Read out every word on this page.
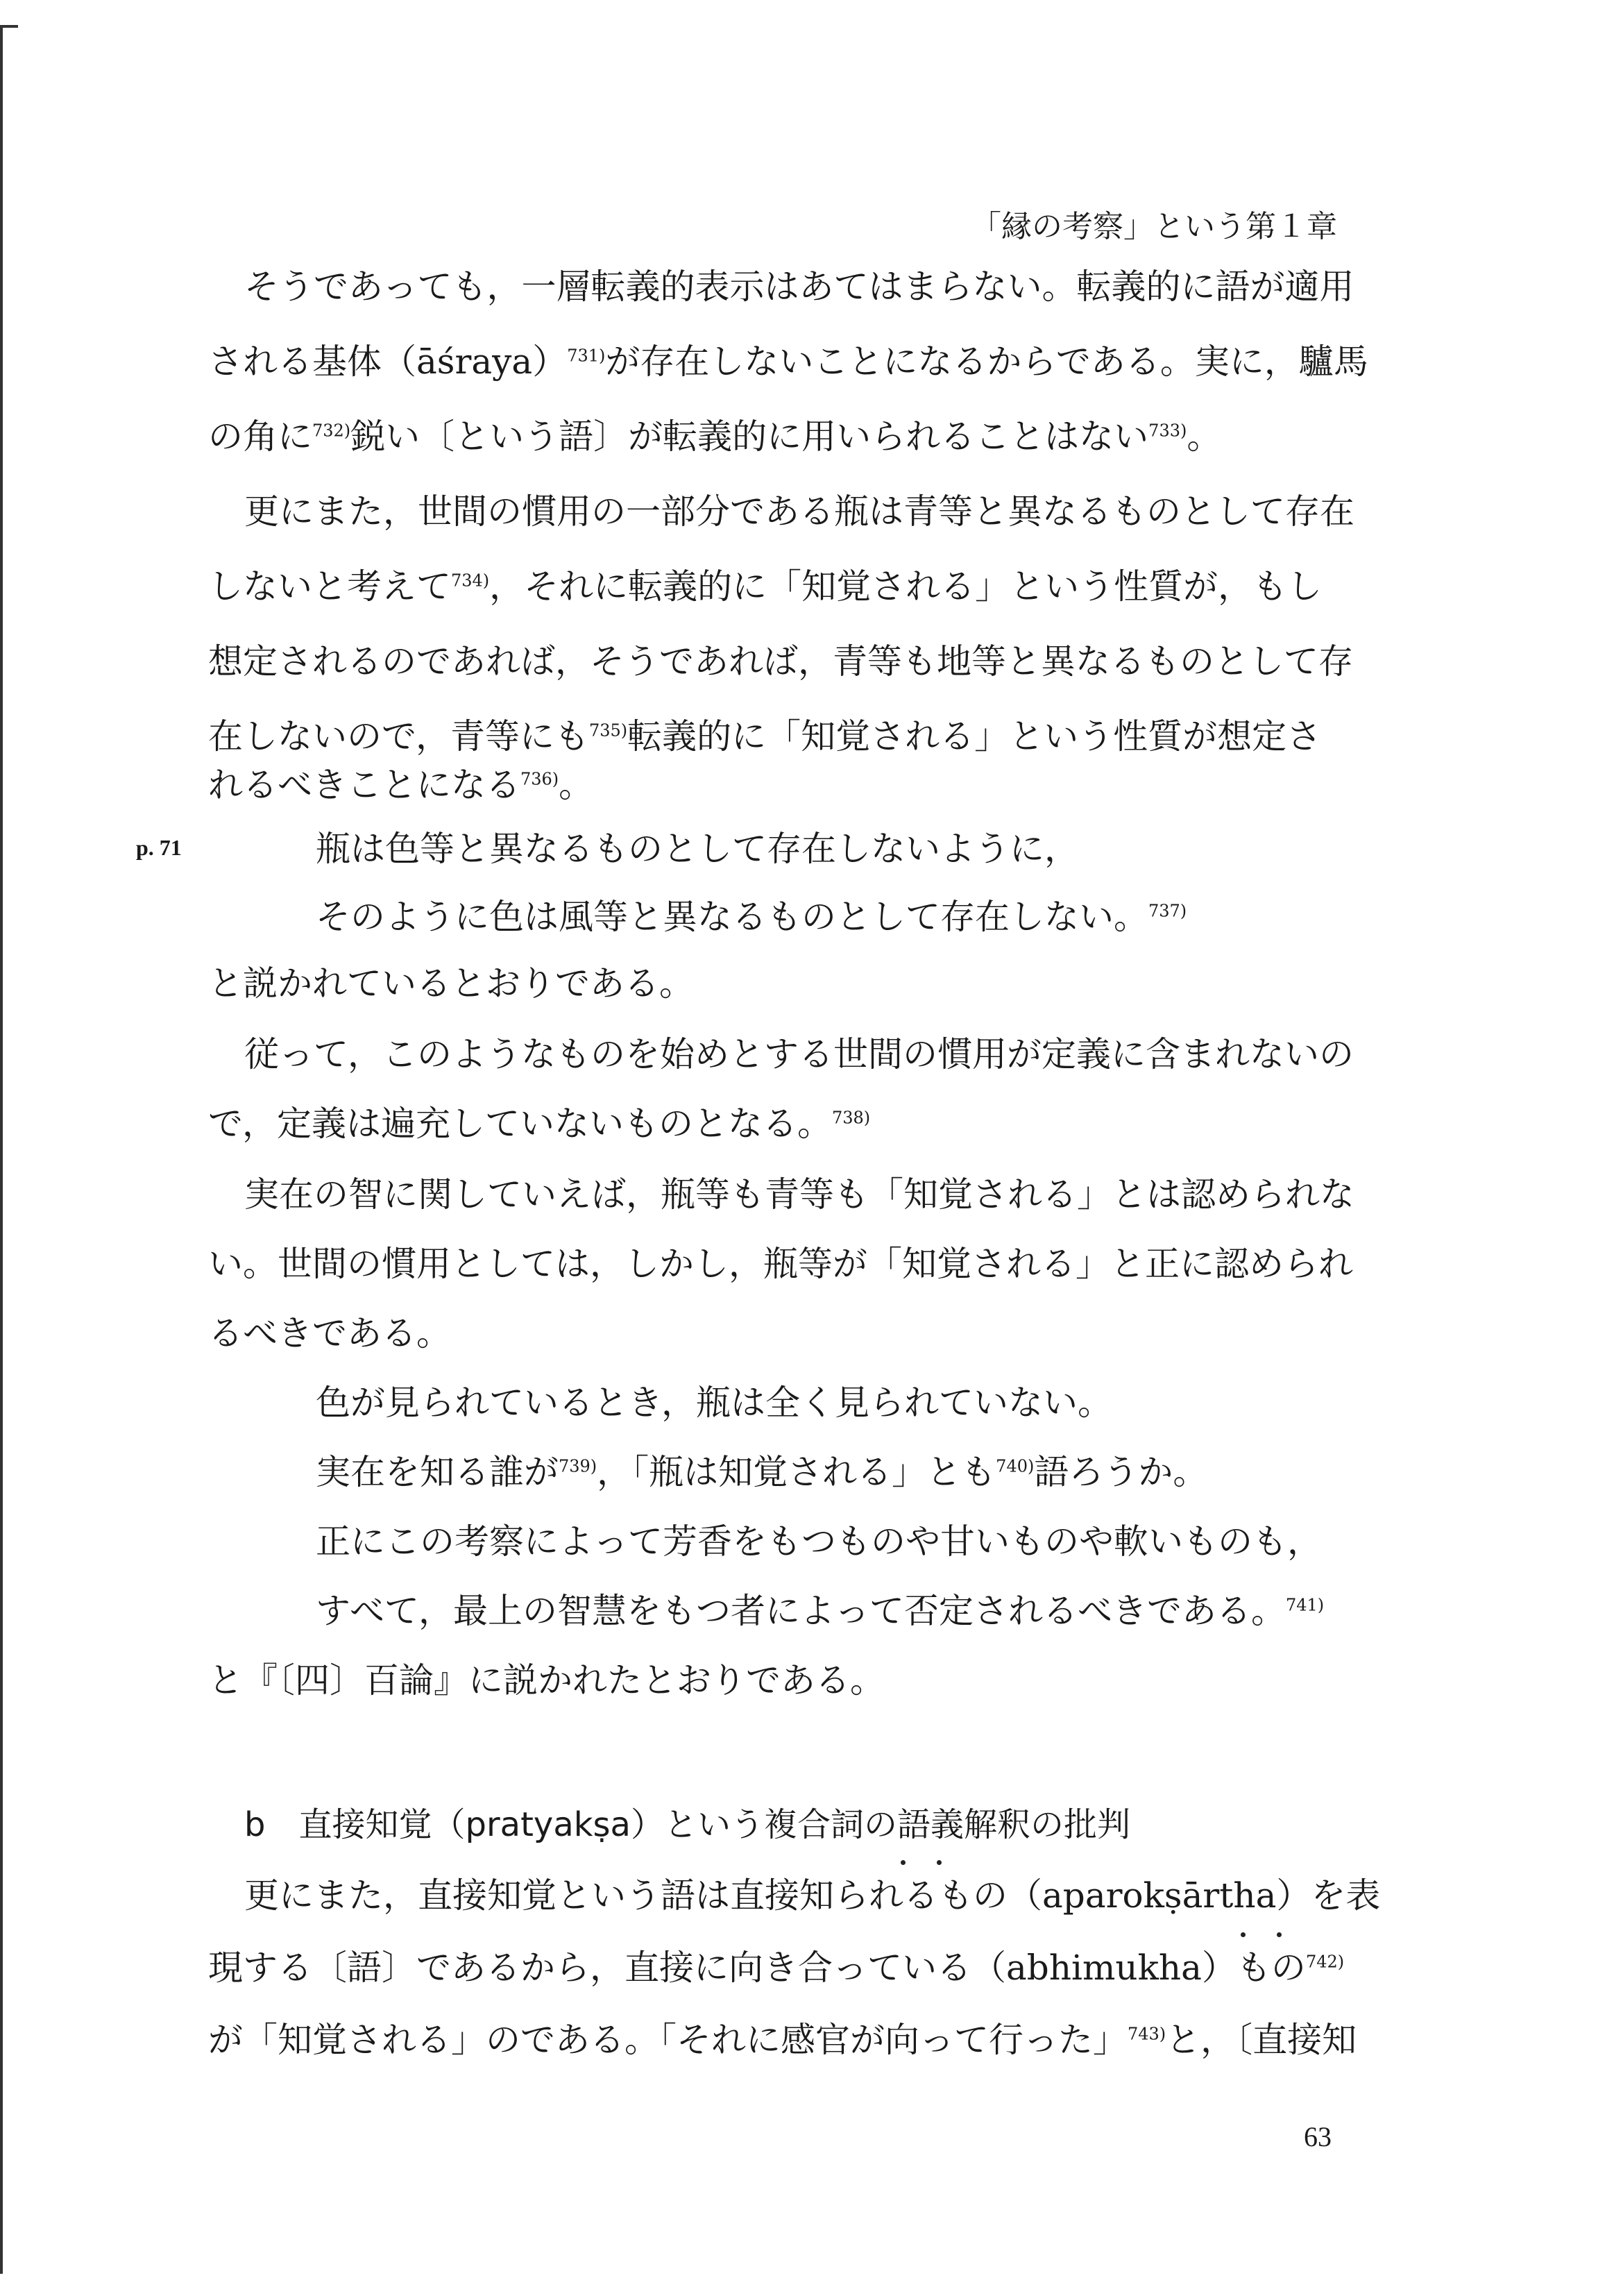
「縁の考察」という第１章
p. 71
そうであっても，一層転義的表示はあてはまらない。転義的に語が適用
される基体（āśraya）$^{731)}$が存在しないことになるからである。実に，驢馬
の角に$^{732)}$鋭い〔という語〕が転義的に用いられることはない$^{733)}$。
更にまた，世間の慣用の一部分である瓶は青等と異なるものとして存在
しないと考えて$^{734)}$，それに転義的に「知覚される」という性質が，もし
想定されるのであれば，そうであれば，青等も地等と異なるものとして存
在しないので，青等にも$^{735)}$転義的に「知覚される」という性質が想定さ
れるべきことになる$^{736)}$。
瓶は色等と異なるものとして存在しないように，
そのように色は風等と異なるものとして存在しない。$^{737)}$
と説かれているとおりである。
従って，このようなものを始めとする世間の慣用が定義に含まれないの
で，定義は遍充していないものとなる。$^{738)}$
実在の智に関していえば，瓶等も青等も「知覚される」とは認められな
い。世間の慣用としては，しかし，瓶等が「知覚される」と正に認められ
るべきである。
色が見られているとき，瓶は全く見られていない。
実在を知る誰が$^{739)}$，「瓶は知覚される」とも$^{740)}$語ろうか。
正にこの考察によって芳香をもつものや甘いものや軟いものも，
すべて，最上の智慧をもつ者によって否定されるべきである。$^{741)}$
と『〔四〕百論』に説かれたとおりである。
b　直接知覚（pratyakṣa）という複合詞の語義解釈の批判
更にまた，直接知覚という語は直接知られるもの（aparokṣārtha）を表
現する〔語〕であるから，直接に向き合っている（abhimukha）もの$^{742)}$
が「知覚される」のである。「それに感官が向って行った」$^{743)}$と，〔直接知
63
